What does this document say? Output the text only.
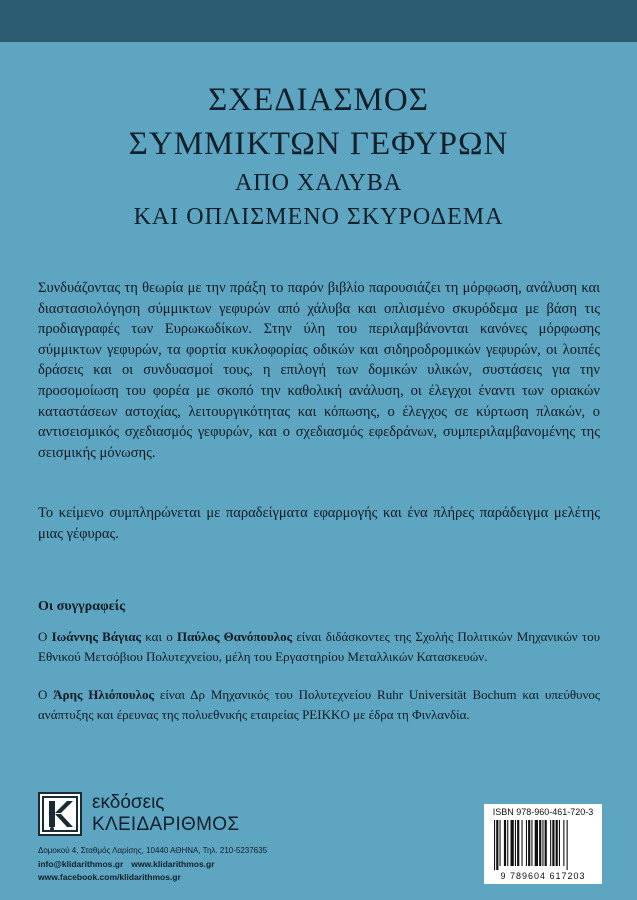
ΣΧΕΔΙΑΣΜΟΣ
ΣΥΜΜΙΚΤΩΝ ΓΕΦΥΡΩΝ
ΑΠΟ ΧΑΛΥΒΑ
ΚΑΙ ΟΠΛΙΣΜΕΝΟ ΣΚΥΡΟΔΕΜΑ

Συνδυάζοντας τη θεωρία με την πράξη το παρόν βιβλίο παρουσιάζει τη μόρφωση, ανάλυση και διαστασιολόγηση σύμμικτων γεφυρών από χάλυβα και οπλισμένο σκυρόδεμα με βάση τις προδιαγραφές των Ευρωκωδίκων. Στην ύλη του περιλαμβάνονται κανόνες μόρφωσης σύμμικτων γεφυρών, τα φορτία κυκλοφορίας οδικών και σιδηροδρομικών γεφυρών, οι λοιπές δράσεις και οι συνδυασμοί τους, η επιλογή των δομικών υλικών, συστάσεις για την προσομοίωση του φορέα με σκοπό την καθολική ανάλυση, οι έλεγχοι έναντι των οριακών καταστάσεων αστοχίας, λειτουργικότητας και κόπωσης, ο έλεγχος σε κύρτωση πλακών, ο αντισεισμικός σχεδιασμός γεφυρών, και ο σχεδιασμός εφεδράνων, συμπεριλαμβανομένης της σεισμικής μόνωσης.

Το κείμενο συμπληρώνεται με παραδείγματα εφαρμογής και ένα πλήρες παράδειγμα μελέτης μιας γέφυρας.

Οι συγγραφείς

Ο Ιωάννης Βάγιας και ο Παύλος Θανόπουλος είναι διδάσκοντες της Σχολής Πολιτικών Μηχανικών του Εθνικού Μετσόβιου Πολυτεχνείου, μέλη του Εργαστηρίου Μεταλλικών Κατασκευών.

Ο Άρης Ηλιόπουλος είναι Δρ Μηχανικός του Πολυτεχνείου Ruhr Universität Bochum και υπεύθυνος ανάπτυξης και έρευνας της πολυεθνικής εταιρείας PEIKKO με έδρα τη Φινλανδία.

εκδόσεις
ΚΛΕΙΔΑΡΙΘΜΟΣ
Δομοκού 4, Σταθμός Λαρίσης, 10440 ΑΘΗΝΑ, Τηλ. 210-5237635
info@klidarithmos.gr www.klidarithmos.gr
www.facebook.com/klidarithmos.gr
ISBN 978-960-461-720-3
9 789604 617203
